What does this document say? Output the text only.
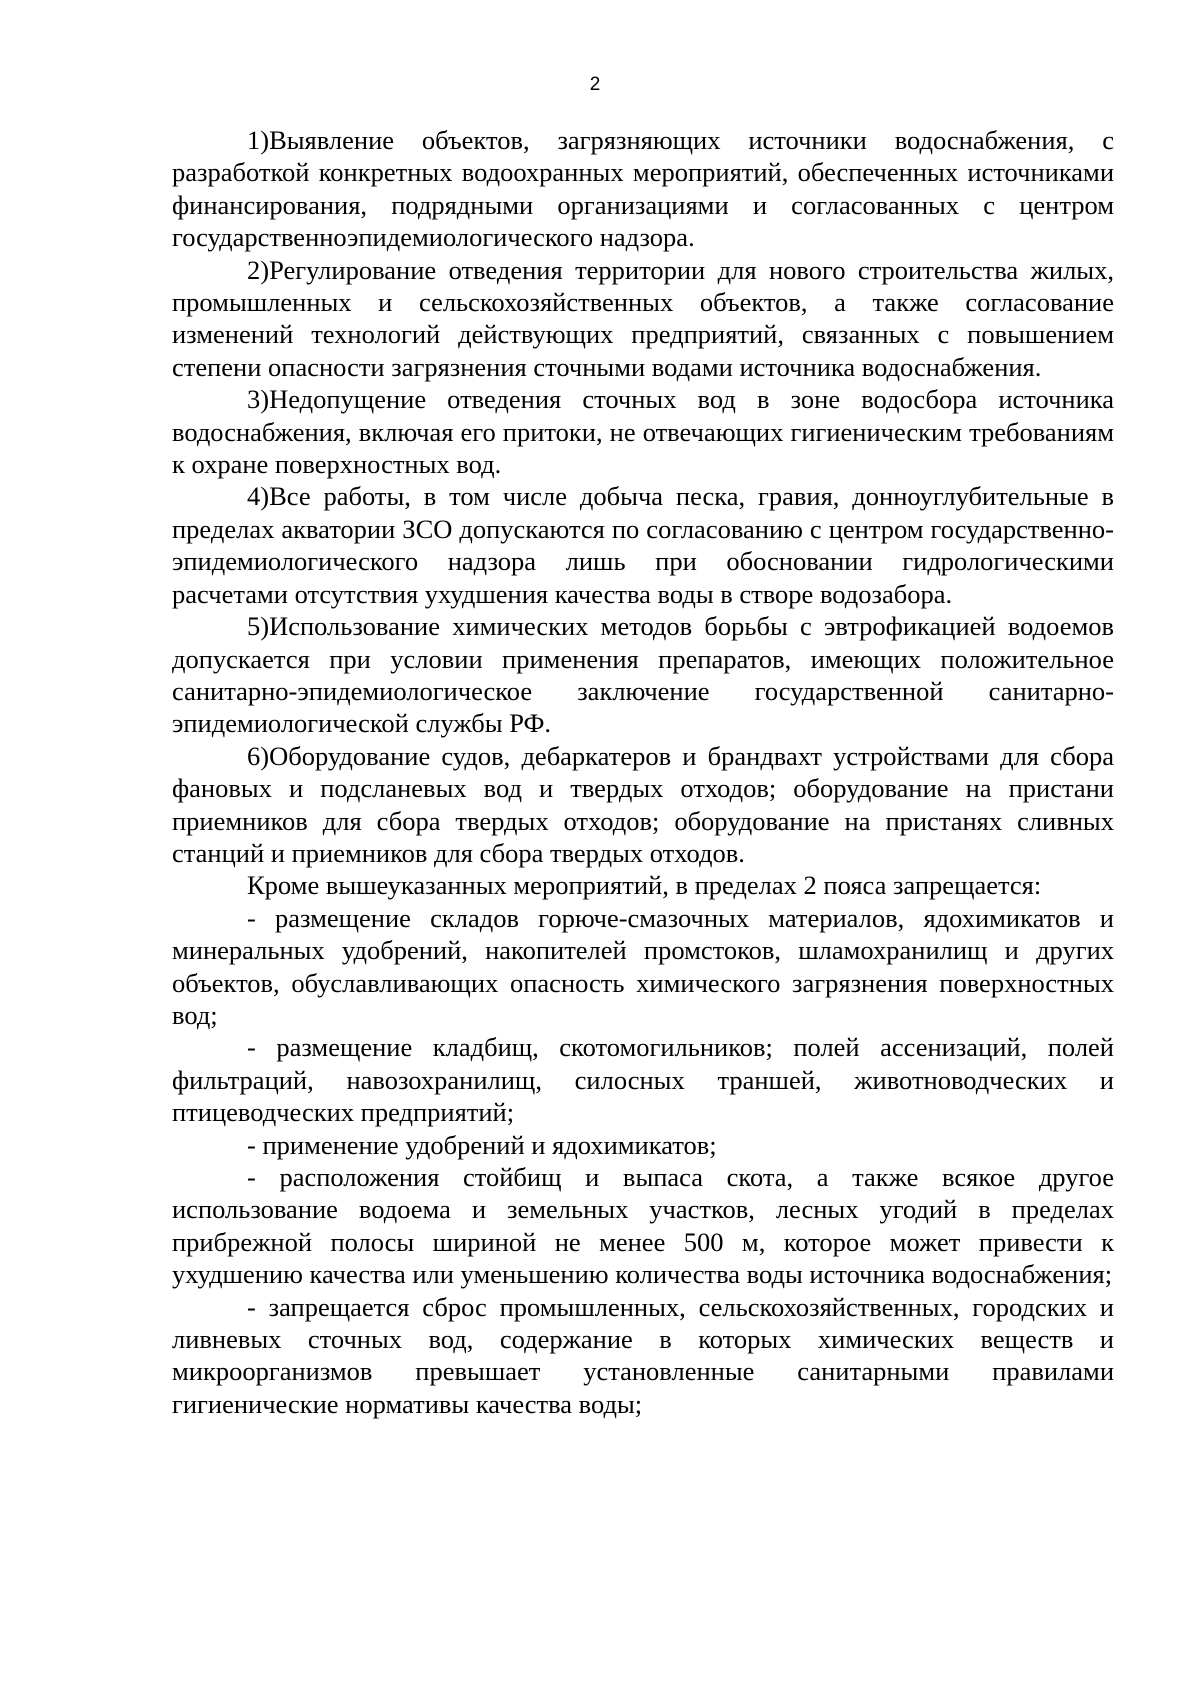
2

1)Выявление объектов, загрязняющих источники водоснабжения, с разработкой конкретных водоохранных мероприятий, обеспеченных источниками финансирования, подрядными организациями и согласованных с центром государственноэпидемиологического надзора.

2)Регулирование отведения территории для нового строительства жилых, промышленных и сельскохозяйственных объектов, а также согласование изменений технологий действующих предприятий, связанных с повышением степени опасности загрязнения сточными водами источника водоснабжения.

3)Недопущение отведения сточных вод в зоне водосбора источника водоснабжения, включая его притоки, не отвечающих гигиеническим требованиям к охране поверхностных вод.

4)Все работы, в том числе добыча песка, гравия, донноуглубительные в пределах акватории ЗСО допускаются по согласованию с центром государственно-эпидемиологического надзора лишь при обосновании гидрологическими расчетами отсутствия ухудшения качества воды в створе водозабора.

5)Использование химических методов борьбы с эвтрофикацией водоемов допускается при условии применения препаратов, имеющих положительное санитарно-эпидемиологическое заключение государственной санитарно-эпидемиологической службы РФ.

6)Оборудование судов, дебаркатеров и брандвахт устройствами для сбора фановых и подсланевых вод и твердых отходов; оборудование на пристани приемников для сбора твердых отходов; оборудование на пристанях сливных станций и приемников для сбора твердых отходов.

Кроме вышеуказанных мероприятий, в пределах 2 пояса запрещается:

- размещение складов горюче-смазочных материалов, ядохимикатов и минеральных удобрений, накопителей промстоков, шламохранилищ и других объектов, обуславливающих опасность химического загрязнения поверхностных вод;

- размещение кладбищ, скотомогильников; полей ассенизаций, полей фильтраций, навозохранилищ, силосных траншей, животноводческих и птицеводческих предприятий;

- применение удобрений и ядохимикатов;

- расположения стойбищ и выпаса скота, а также всякое другое использование водоема и земельных участков, лесных угодий в пределах прибрежной полосы шириной не менее 500 м, которое может привести к ухудшению качества или уменьшению количества воды источника водоснабжения;

- запрещается сброс промышленных, сельскохозяйственных, городских и ливневых сточных вод, содержание в которых химических веществ и микроорганизмов превышает установленные санитарными правилами гигиенические нормативы качества воды;
